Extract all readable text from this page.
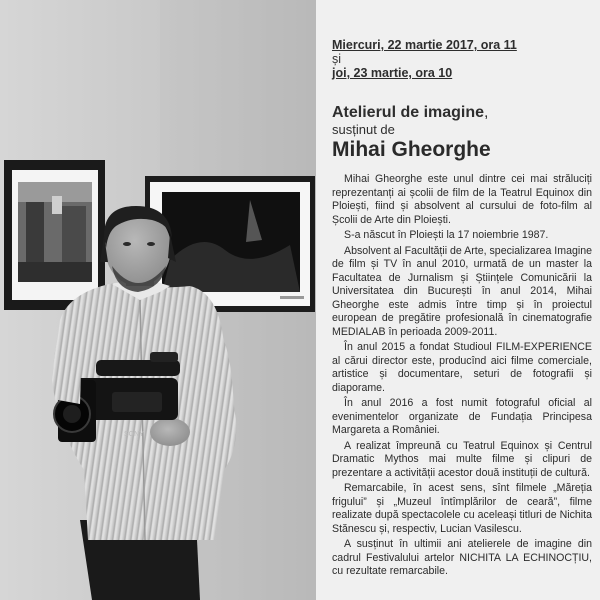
SONY
Miercuri, 22 martie 2017, ora 11
și
joi, 23 martie, ora 10
Atelierul de imagine,
susținut de
Mihai Gheorghe

Mihai Gheorghe este unul dintre cei mai străluciți reprezentanți ai școlii de film de la Teatrul Equinox din Ploiești, fiind și absolvent al cursului de foto-film al Școlii de Arte din Ploiești.

S-a născut în Ploiești la 17 noiembrie 1987.

Absolvent al Facultății de Arte, specializarea Imagine de film și TV în anul 2010, urmată de un master la Facultatea de Jurnalism și Științele Comunicării la Universitatea din București în anul 2014, Mihai Gheorghe este admis între timp și în proiectul european de pregătire profesională în cinematografie MEDIALAB în perioada 2009-2011.

În anul 2015 a fondat Studioul FILM-EXPERIENCE al cărui director este, producînd aici filme comerciale, artistice și documentare, seturi de fotografii și diaporame.

În anul 2016 a fost numit fotograful oficial al evenimentelor organizate de Fundația Principesa Margareta a României.

A realizat împreună cu Teatrul Equinox și Centrul Dramatic Mythos mai multe filme și clipuri de prezentare a activității acestor două instituții de cultură.

Remarcabile, în acest sens, sînt filmele „Măreția frigului” și „Muzeul întîmplărilor de ceară”, filme realizate după spectacolele cu aceleași titluri de Nichita Stănescu și, respectiv, Lucian Vasilescu.

A susținut în ultimii ani atelierele de imagine din cadrul Festivalului artelor NICHITA LA ECHINOCȚIU, cu rezultate remarcabile.
